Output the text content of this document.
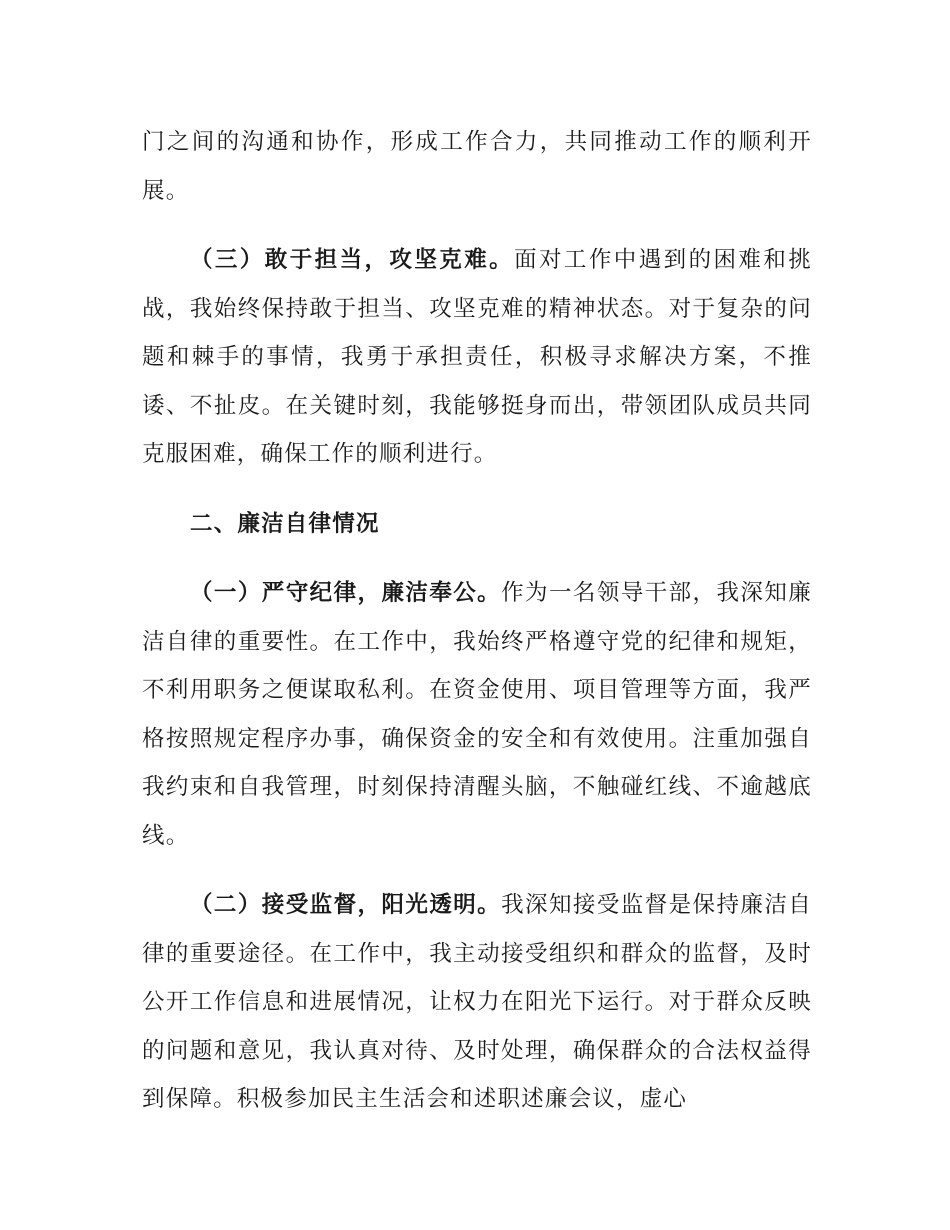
门之间的沟通和协作，形成工作合力，共同推动工作的顺利开展。

（三）敢于担当，攻坚克难。面对工作中遇到的困难和挑战，我始终保持敢于担当、攻坚克难的精神状态。对于复杂的问题和棘手的事情，我勇于承担责任，积极寻求解决方案，不推诿、不扯皮。在关键时刻，我能够挺身而出，带领团队成员共同克服困难，确保工作的顺利进行。

二、廉洁自律情况

（一）严守纪律，廉洁奉公。作为一名领导干部，我深知廉洁自律的重要性。在工作中，我始终严格遵守党的纪律和规矩，不利用职务之便谋取私利。在资金使用、项目管理等方面，我严格按照规定程序办事，确保资金的安全和有效使用。注重加强自我约束和自我管理，时刻保持清醒头脑，不触碰红线、不逾越底线。

（二）接受监督，阳光透明。我深知接受监督是保持廉洁自律的重要途径。在工作中，我主动接受组织和群众的监督，及时公开工作信息和进展情况，让权力在阳光下运行。对于群众反映的问题和意见，我认真对待、及时处理，确保群众的合法权益得到保障。积极参加民主生活会和述职述廉会议，虚心
